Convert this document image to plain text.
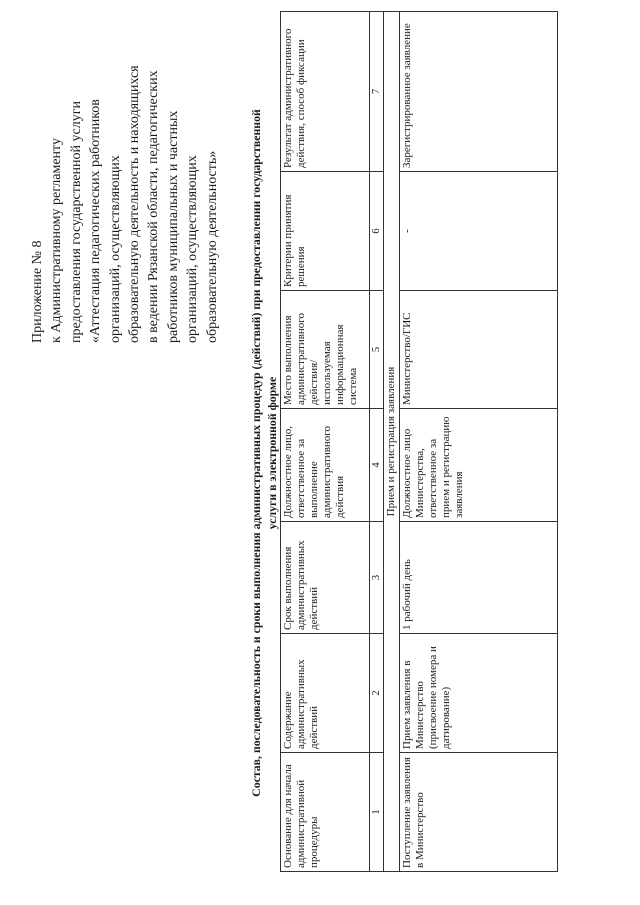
Приложение № 8 к Административному регламенту предоставления государственной услуги «Аттестация педагогических работников организаций, осуществляющих образовательную деятельность и находящихся в ведении Рязанской области, педагогических работников муниципальных и частных организаций, осуществляющих образовательную деятельность» Состав, последовательность и сроки выполнения административных процедур (действий) при предоставлении государственной услуги в электронной форме
Основание для начала административной процедуры	Содержание административных действий	Срок выполнения административных действий	Должностное лицо, ответственное за выполнение административного действия	Место выполнения административного действия/ используемая информационная система	Критерии принятия решения	Результат административного действия, способ фиксации
1	2	3	4	5	6	7
Прием и регистрация заявления						
Поступление заявления в Министерство	Прием заявления в Министерство (присвоение номера и датирование)	1 рабочий день	Должностное лицо Министерства, ответственное за прием и регистрацию заявления	Министерство/ГИС	-	Зарегистрированное заявление
